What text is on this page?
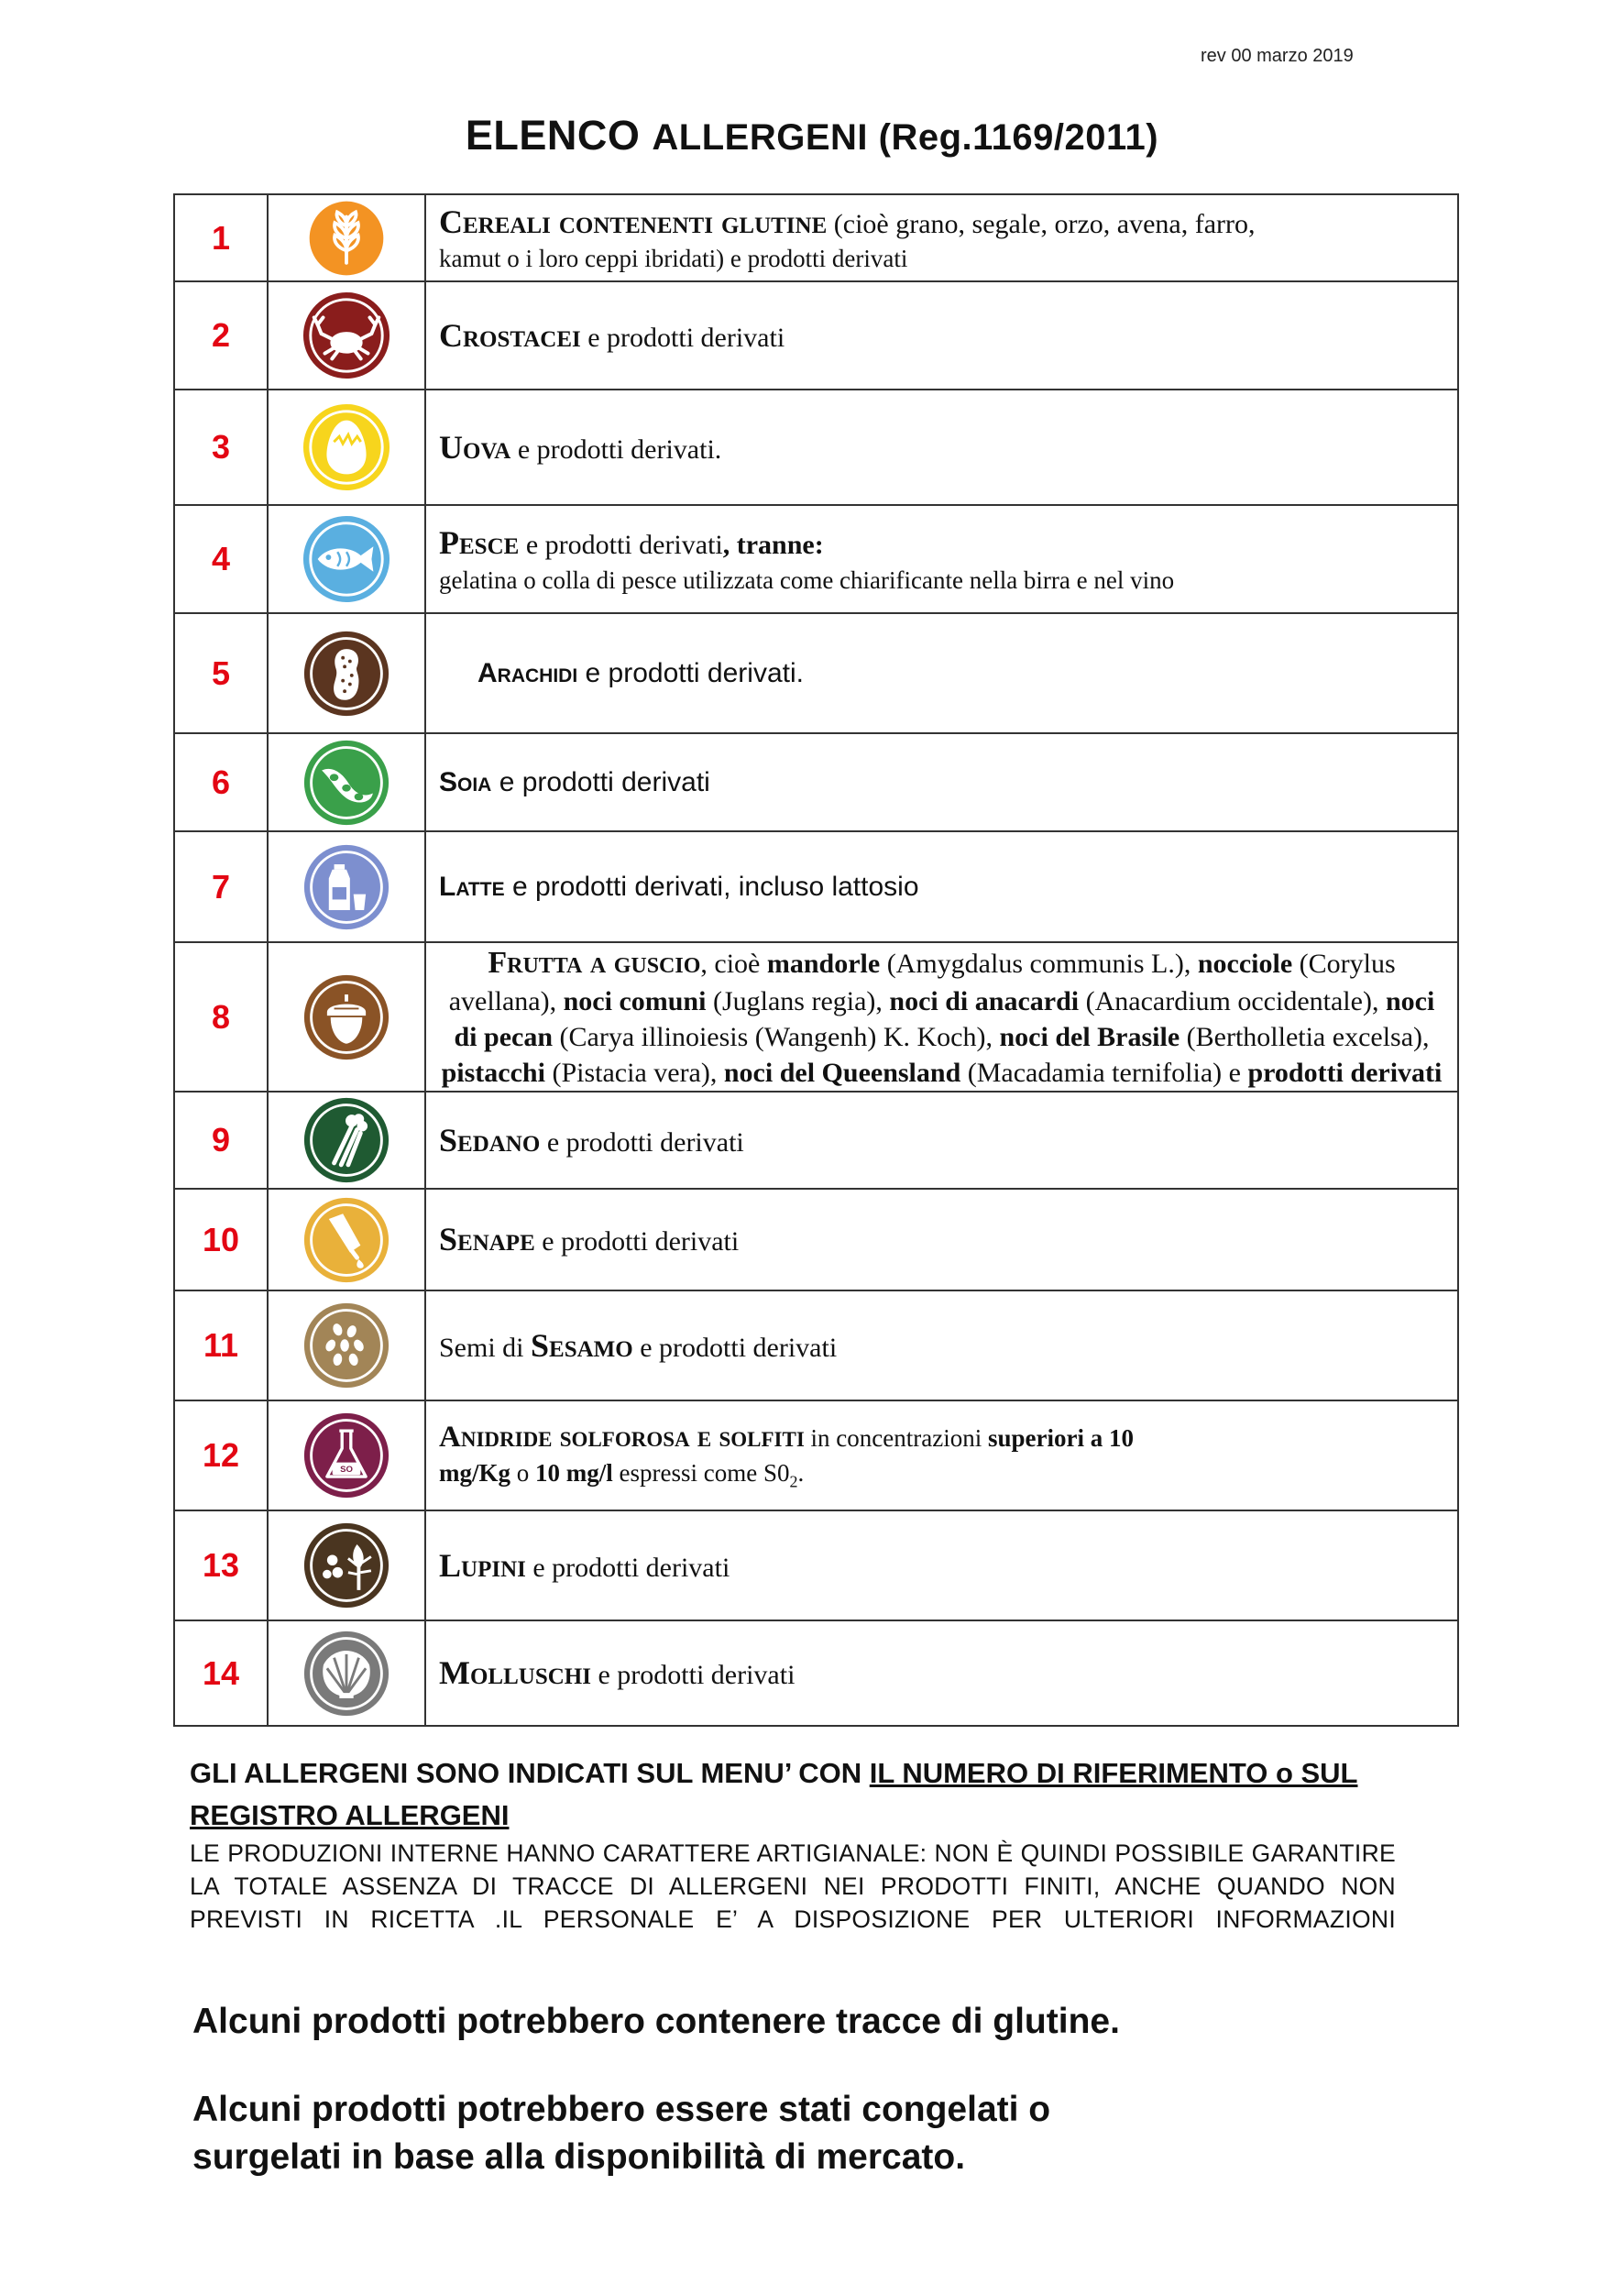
rev 00 marzo 2019
ELENCO ALLERGENI (Reg.1169/2011)
1		Cereali contenenti glutine (cioè grano, segale, orzo, avena, farro,
kamut o i loro ceppi ibridati) e prodotti derivati

2		Crostacei e prodotti derivati

3		Uova e prodotti derivati.

4		Pesce e prodotti derivati, tranne:
gelatina o colla di pesce utilizzata come chiarificante nella birra e nel vino

5		Arachidi e prodotti derivati.

6		Soia e prodotti derivati

7		Latte e prodotti derivati, incluso lattosio

8		Frutta a guscio, cioè mandorle (Amygdalus communis L.), nocciole (Corylus avellana), noci comuni (Juglans regia), noci di anacardi (Anacardium occidentale), noci di pecan (Carya illinoiesis (Wangenh) K. Koch), noci del Brasile (Bertholletia excelsa), pistacchi (Pistacia vera), noci del Queensland (Macadamia ternifolia) e prodotti derivati
9		Sedano e prodotti derivati

10		Senape e prodotti derivati

11		Semi di Sesamo e prodotti derivati

12	SO	Anidride solforosa e solfiti in concentrazioni superiori a 10
mg/Kg o 10 mg/l espressi come $S0_2$.

13		Lupini e prodotti derivati

14		Molluschi e prodotti derivati
GLI ALLERGENI SONO INDICATI SUL MENU’ CON IL NUMERO DI RIFERIMENTO o SUL
REGISTRO ALLERGENI
LE PRODUZIONI INTERNE HANNO CARATTERE ARTIGIANALE: NON È QUINDI POSSIBILE GARANTIRE
LA TOTALE ASSENZA DI TRACCE DI ALLERGENI NEI PRODOTTI FINITI, ANCHE QUANDO NON
PREVISTI IN RICETTA .IL PERSONALE E’ A DISPOSIZIONE PER ULTERIORI INFORMAZIONI
Alcuni prodotti potrebbero contenere tracce di glutine.
Alcuni prodotti potrebbero essere stati congelati o
surgelati in base alla disponibilità di mercato.
